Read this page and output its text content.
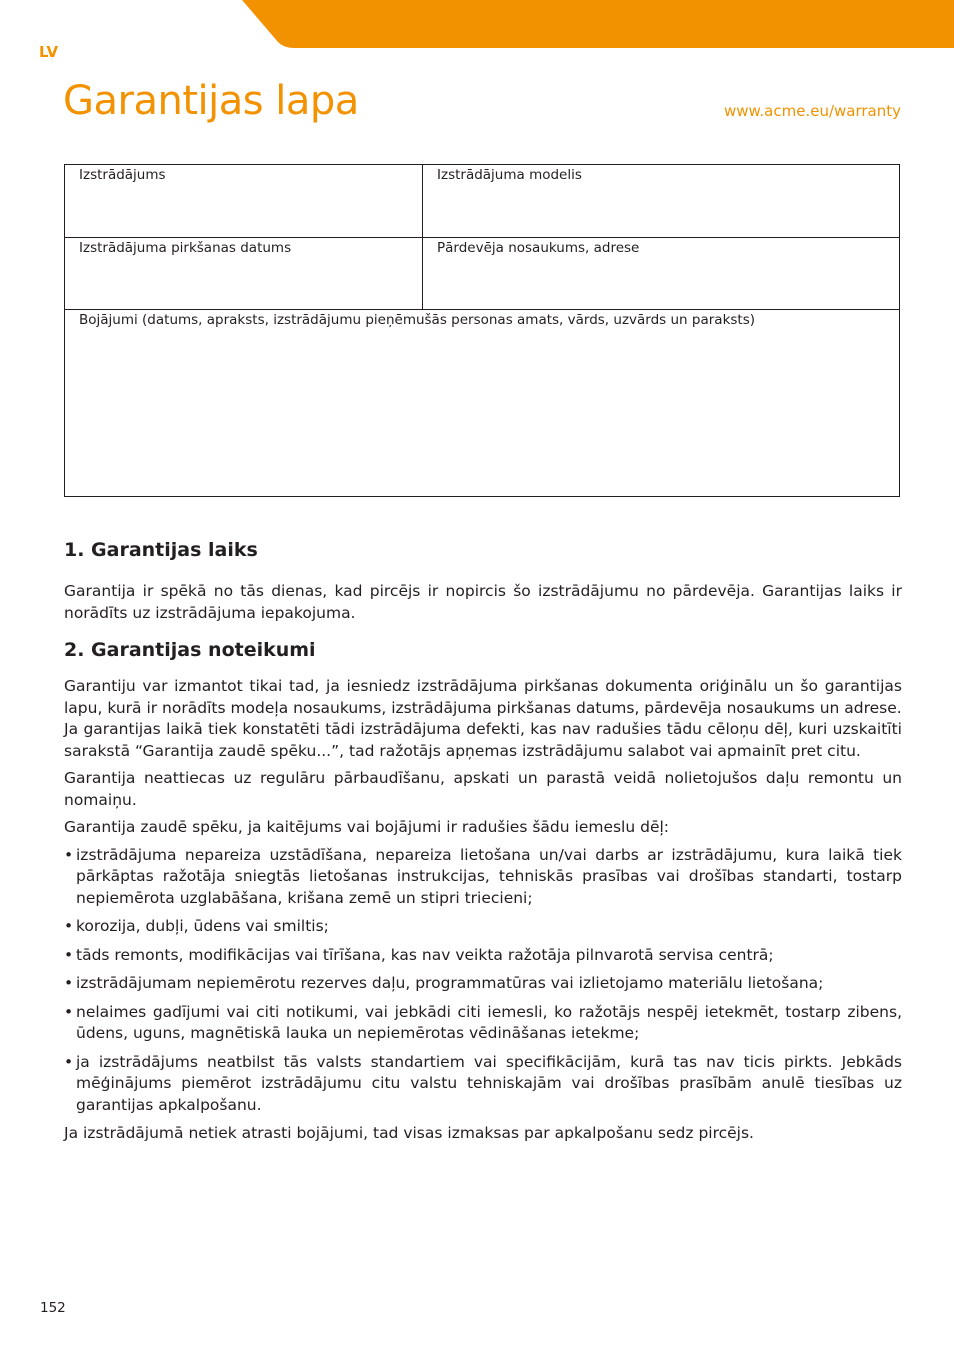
LV
Garantijas lapa	www.acme.eu/warranty
Izstrādājums	Izstrādājuma modelis
Izstrādājuma pirkšanas datums	Pārdevēja nosaukums, adrese
Bojājumi (datums, apraksts, izstrādājumu pieņēmušās personas amats, vārds, uzvārds un paraksts)
1. Garantijas laiks

Garantija ir spēkā no tās dienas, kad pircējs ir nopircis šo izstrādājumu no pārdevēja. Garantijas laiks ir norādīts uz izstrādājuma iepakojuma.

2. Garantijas noteikumi

Garantiju var izmantot tikai tad, ja iesniedz izstrādājuma pirkšanas dokumenta oriģinālu un šo garantijas lapu, kurā ir norādīts modeļa nosaukums, izstrādājuma pirkšanas datums, pārdevēja nosaukums un adrese.

Ja garantijas laikā tiek konstatēti tādi izstrādājuma defekti, kas nav radušies tādu cēloņu dēļ, kuri uzskaitīti sarakstā “Garantija zaudē spēku...”, tad ražotājs apņemas izstrādājumu salabot vai apmainīt pret citu.

Garantija neattiecas uz regulāru pārbaudīšanu, apskati un parastā veidā nolietojušos daļu remontu un nomaiņu.

Garantija zaudē spēku, ja kaitējums vai bojājumi ir radušies šādu iemeslu dēļ:

• izstrādājuma nepareiza uzstādīšana, nepareiza lietošana un/vai darbs ar izstrādājumu, kura laikā tiek pārkāptas ražotāja sniegtās lietošanas instrukcijas, tehniskās prasības vai drošības standarti, tostarp nepiemērota uzglabāšana, krišana zemē un stipri triecieni;
• korozija, dubļi, ūdens vai smiltis;
• tāds remonts, modifikācijas vai tīrīšana, kas nav veikta ražotāja pilnvarotā servisa centrā;
• izstrādājumam nepiemērotu rezerves daļu, programmatūras vai izlietojamo materiālu lietošana;
• nelaimes gadījumi vai citi notikumi, vai jebkādi citi iemesli, ko ražotājs nespēj ietekmēt, tostarp zibens, ūdens, uguns, magnētiskā lauka un nepiemērotas vēdināšanas ietekme;
• ja izstrādājums neatbilst tās valsts standartiem vai specifikācijām, kurā tas nav ticis pirkts. Jebkāds mēģinājums piemērot izstrādājumu citu valstu tehniskajām vai drošības prasībām anulē tiesības uz garantijas apkalpošanu.

Ja izstrādājumā netiek atrasti bojājumi, tad visas izmaksas par apkalpošanu sedz pircējs.

152
